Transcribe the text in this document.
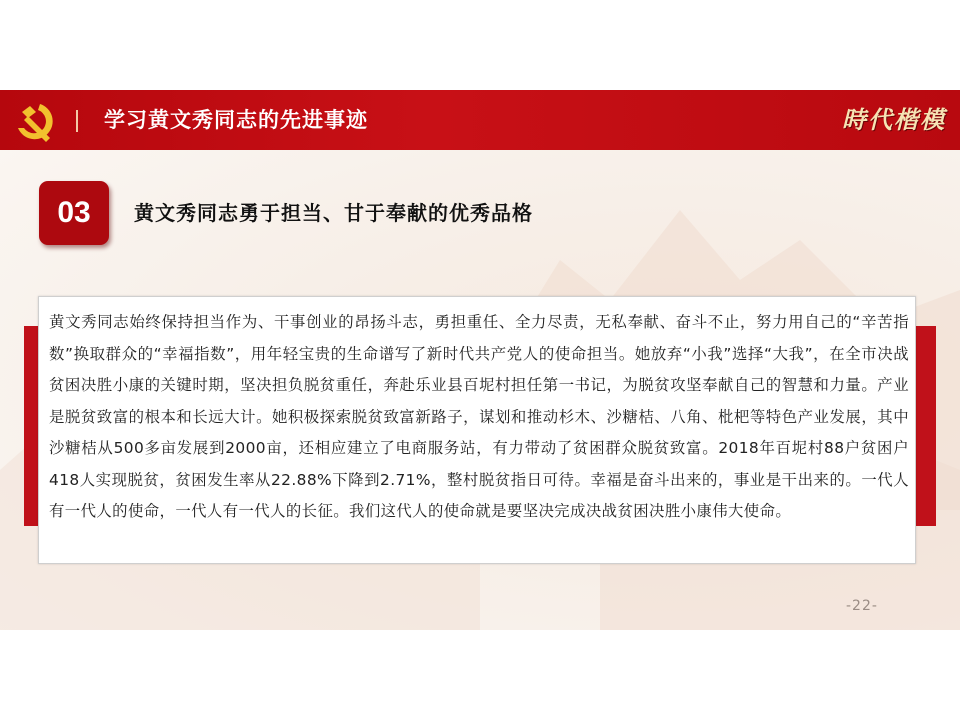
学习黄文秀同志的先进事迹	時代楷模
03	黄文秀同志勇于担当、甘于奉献的优秀品格
黄文秀同志始终保持担当作为、干事创业的昂扬斗志，勇担重任、全力尽责，无私奉献、奋斗不止，努力用自己的“辛苦指数”换取群众的“幸福指数”，用年轻宝贵的生命谱写了新时代共产党人的使命担当。她放弃“小我”选择“大我”，在全市决战贫困决胜小康的关键时期，坚决担负脱贫重任，奔赴乐业县百坭村担任第一书记，为脱贫攻坚奉献自己的智慧和力量。产业是脱贫致富的根本和长远大计。她积极探索脱贫致富新路子，谋划和推动杉木、沙糖桔、八角、枇杷等特色产业发展，其中沙糖桔从500多亩发展到2000亩，还相应建立了电商服务站，有力带动了贫困群众脱贫致富。2018年百坭村88户贫困户418人实现脱贫，贫困发生率从22.88%下降到2.71%，整村脱贫指日可待。幸福是奋斗出来的，事业是干出来的。一代人有一代人的使命，一代人有一代人的长征。我们这代人的使命就是要坚决完成决战贫困决胜小康伟大使命。
-22-
